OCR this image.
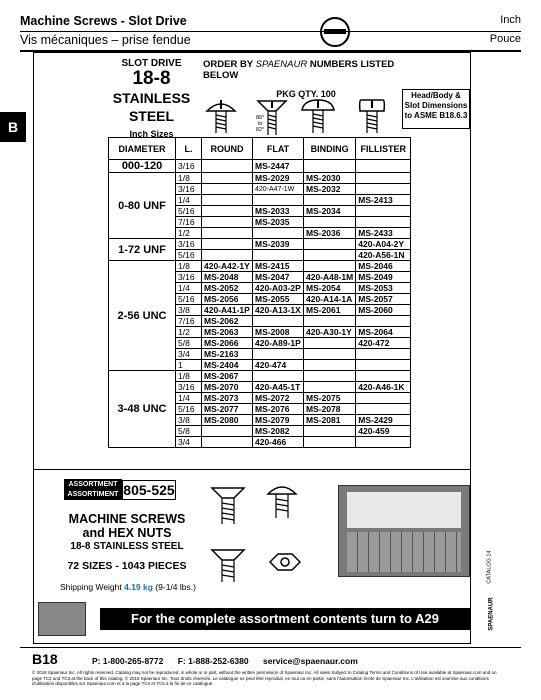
Machine Screws - Slot Drive	Inch
Vis mécaniques – prise fendue	Pouce
B
SLOT DRIVE
18-8
STAINLESS
STEEL
Inch Sizes
ORDER BY SPAENAUR NUMBERS LISTED BELOW
PKG QTY. 100	Head/Body & Slot Dimensions to ASME B18.6.3
80°
to
82°
DIAMETER	L.	ROUND	FLAT	BINDING	FILLISTER
000-120	3/16		MS-2447		
0-80 UNF	1/8		MS-2029	MS-2030	
	3/16		420-A47-1W	MS-2032	
	1/4				MS-2413
	5/16		MS-2033	MS-2034	
	7/16		MS-2035		
	1/2			MS-2036	MS-2433
1-72 UNF	3/16		MS-2039		420-A04-2Y
	5/16				420-A56-1N
2-56 UNC	1/8	420-A42-1Y	MS-2415		MS-2046
	3/16	MS-2048	MS-2047	420-A48-1M	MS-2049
	1/4	MS-2052	420-A03-2P	MS-2054	MS-2053
	5/16	MS-2056	MS-2055	420-A14-1A	MS-2057
	3/8	420-A41-1P	420-A13-1X	MS-2061	MS-2060
	7/16	MS-2062			
	1/2	MS-2063	MS-2008	420-A30-1Y	MS-2064
	5/8	MS-2066	420-A89-1P		420-472
	3/4	MS-2163			
	1	MS-2404	420-474		
3-48 UNC	1/8	MS-2067			
	3/16	MS-2070	420-A45-1T		420-A46-1K
	1/4	MS-2073	MS-2072	MS-2075	
	5/16	MS-2077	MS-2076	MS-2078	
	3/8	MS-2080	MS-2079	MS-2081	MS-2429
	5/8		MS-2082		420-459
	3/4		420-466		
ASSORTMENT
ASSORTIMENT 805-525
MACHINE SCREWS and HEX NUTS
18-8 STAINLESS STEEL
72 SIZES - 1043 PIECES
Shipping Weight 4.19 kg (9-1/4 lbs.)
For the complete assortment contents turn to A29
CATALOG 14
SPAENAUR
B18	P: 1-800-265-8772 F: 1-888-252-6380 service@spaenaur.com
© 2018 Spaenaur Inc. All rights reserved. Catalog may not be reproduced, in whole or in part, without the written permission of Spaenaur Inc. All sales Subject to Catalog Terms and Conditions of Use available at Spaenaur.com and on page TC2 and TC3 at the back of this catalog. © 2018 Spaenaur Inc. Tous droits réservés. Le catalogue ne peut être reproduit, en tout ou en partie, sans l'autorisation écrite de Spaenaur Inc. L'utilisation est soumise aux conditions d'utilisation disponibles sur Spaenaur.com et à la page TC4 et TC5 à la fin de ce catalogue.
